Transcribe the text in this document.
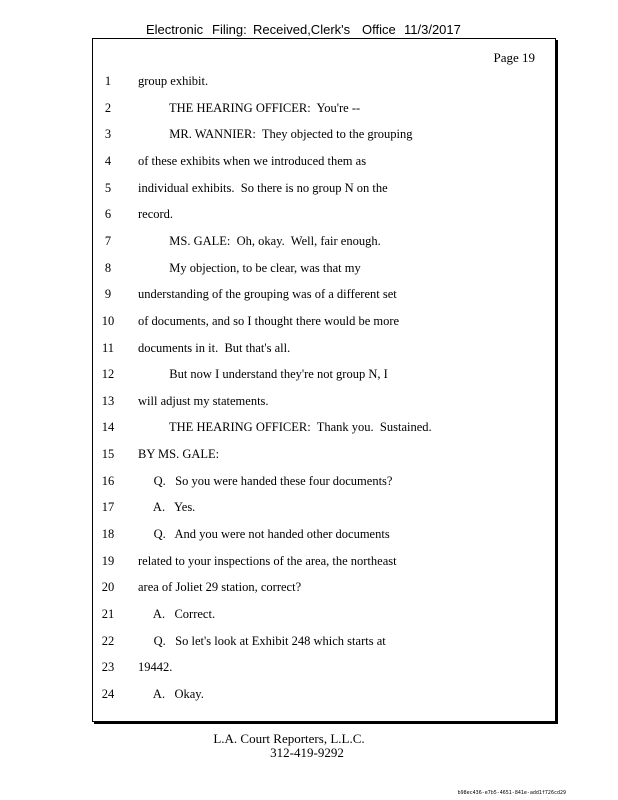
Electronic Filing: Received,Clerk's Office 11/3/2017
Page 19
1	group exhibit.
2	THE HEARING OFFICER:  You're --
3	MR. WANNIER:  They objected to the grouping
4	of these exhibits when we introduced them as
5	individual exhibits.  So there is no group N on the
6	record.
7	MS. GALE:  Oh, okay.  Well, fair enough.
8	My objection, to be clear, was that my
9	understanding of the grouping was of a different set
10	of documents, and so I thought there would be more
11	documents in it.  But that's all.
12	But now I understand they're not group N, I
13	will adjust my statements.
14	THE HEARING OFFICER:  Thank you.  Sustained.
15	BY MS. GALE:
16	Q.   So you were handed these four documents?
17	A.   Yes.
18	Q.   And you were not handed other documents
19	related to your inspections of the area, the northeast
20	area of Joliet 29 station, correct?
21	A.   Correct.
22	Q.   So let's look at Exhibit 248 which starts at
23	19442.
24	A.   Okay.
L.A. Court Reporters, L.L.C.
312-419-9292
b98ec436-e7b5-4651-841e-add1f726cd29
